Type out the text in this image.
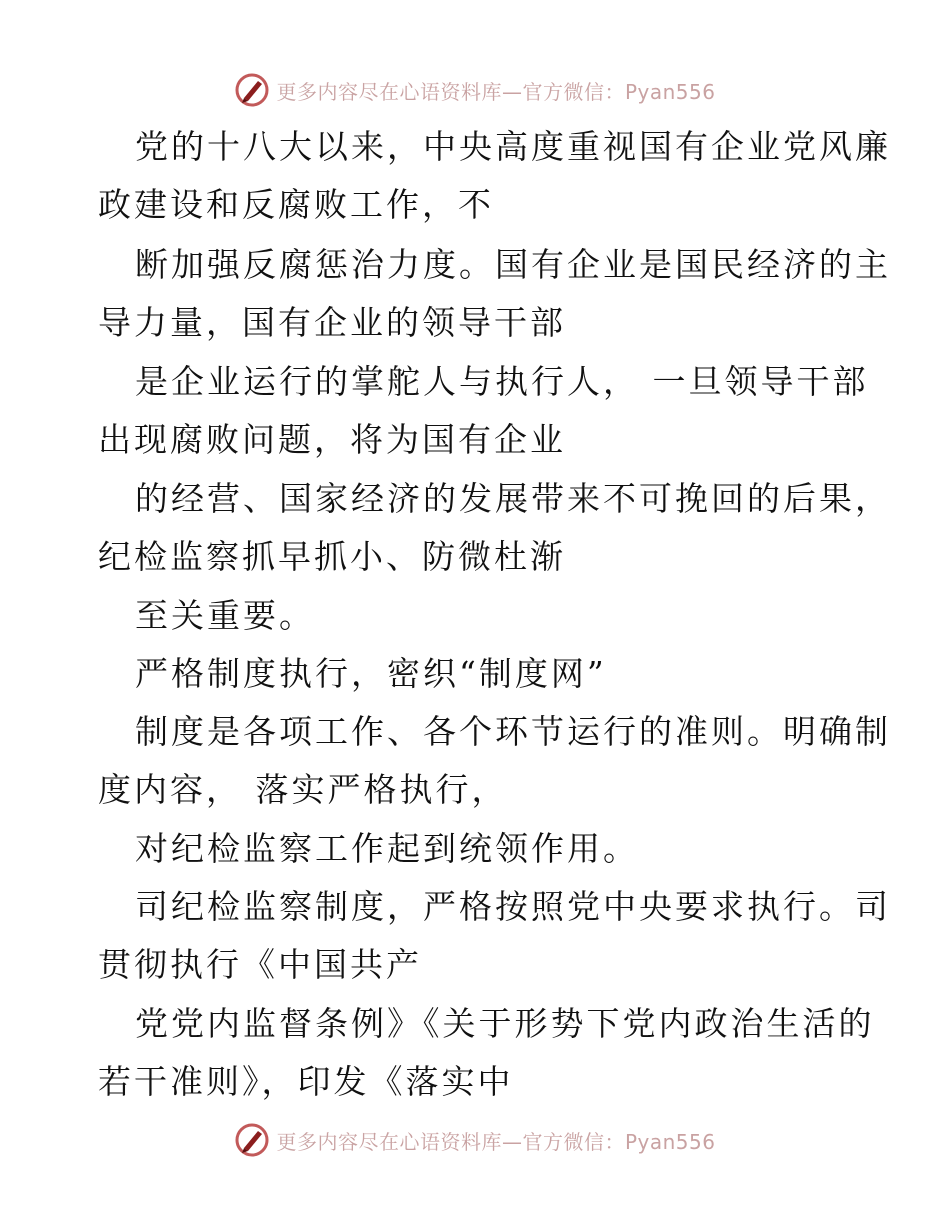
更多内容尽在心语资料库—官方微信：Pyan556

党的十八大以来，中央高度重视国有企业党风廉
政建设和反腐败工作，不

断加强反腐惩治力度。国有企业是国民经济的主
导力量，国有企业的领导干部

是企业运行的掌舵人与执行人， 一旦领导干部
出现腐败问题，将为国有企业

的经营、国家经济的发展带来不可挽回的后果，
纪检监察抓早抓小、防微杜渐

至关重要。

严格制度执行，密织“制度网”

制度是各项工作、各个环节运行的准则。明确制
度内容， 落实严格执行，

对纪检监察工作起到统领作用。

司纪检监察制度，严格按照党中央要求执行。司
贯彻执行《中国共产

党党内监督条例》《关于形势下党内政治生活的
若干准则》，印发《落实中

更多内容尽在心语资料库—官方微信：Pyan556
